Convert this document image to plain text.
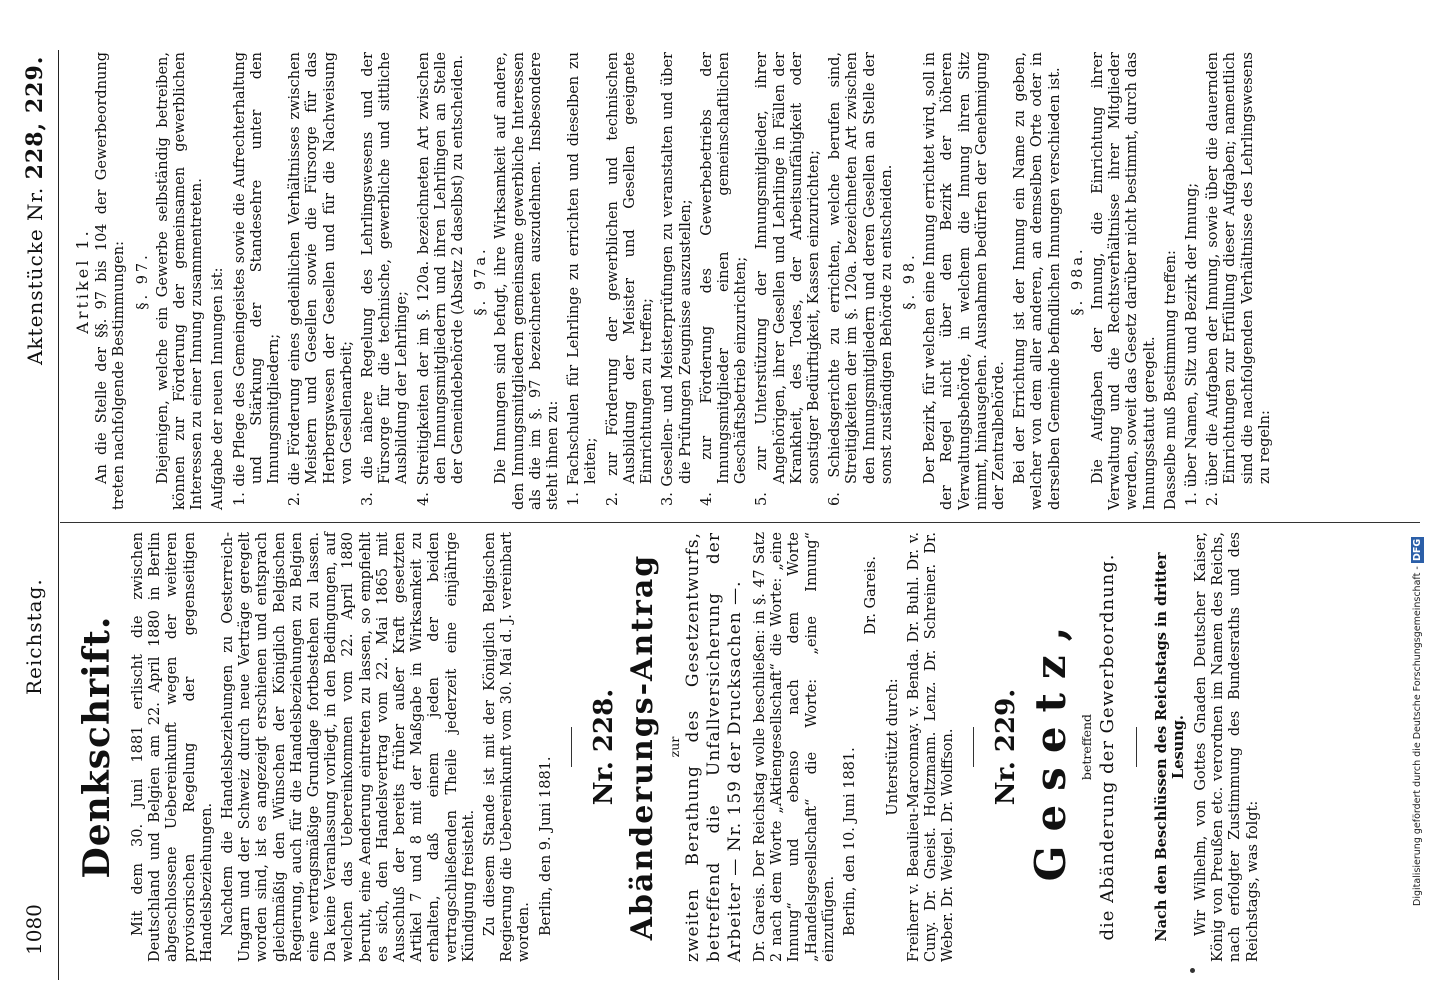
1080
Reichstag.
Aktenstücke Nr. 228, 229.
Denkschrift. Mit dem 30. Juni 1881 erlischt die zwischen Deutschland und Belgien am 22. April 1880 in Berlin abgeschlossene Uebereinkunft wegen der weiteren provisorischen Regelung der gegenseitigen Handelsbeziehungen. Nachdem die Handelsbeziehungen zu Oesterreich-Ungarn und der Schweiz durch neue Verträge geregelt worden sind, ist es angezeigt erschienen und entsprach gleichmäßig den Wünschen der Königlich Belgischen Regierung, auch für die Handelsbeziehungen zu Belgien eine vertragsmäßige Grundlage fortbestehen zu lassen. Da keine Veranlassung vorliegt, in den Bedingungen, auf welchen das Uebereinkommen vom 22. April 1880 beruht, eine Aenderung eintreten zu lassen, so empfiehlt es sich, den Handelsvertrag vom 22. Mai 1865 mit Ausschluß der bereits früher außer Kraft gesetzten Artikel 7 und 8 mit der Maßgabe in Wirksamkeit zu erhalten, daß einem jeden der beiden vertragschließenden Theile jederzeit eine einjährige Kündigung freisteht. Zu diesem Stande ist mit der Königlich Belgischen Regierung die Uebereinkunft vom 30. Mai d. J. vereinbart worden. Berlin, den 9. Juni 1881.

Nr. 228. Abänderungs-Antrag zur zweiten Berathung des Gesetzentwurfs, betreffend die Unfallversicherung der Arbeiter — Nr. 159 der Drucksachen —. Dr. Gareis. Der Reichstag wolle beschließen: in §. 47 Satz 2 nach dem Worte „Aktiengesellschaft“ die Worte: „eine Innung“ und ebenso nach dem Worte „Handelsgesellschaft“ die Worte: „eine Innung“ einzufügen. Berlin, den 10. Juni 1881.

Dr. Gareis.

Unterstützt durch: Freiherr v. Beaulieu-Marconnay. v. Benda. Dr. Buhl. Dr. v. Cuny. Dr. Gneist. Holtzmann. Lenz. Dr. Schreiner. Dr. Weber. Dr. Weigel. Dr. Wolffson. Nr. 229. Gesetz, betreffend die Abänderung der Gewerbeordnung. Nach den Beschlüssen des Reichstags in dritter Lesung. Wir Wilhelm, von Gottes Gnaden Deutscher Kaiser, König von Preußen etc. verordnen im Namen des Reichs, nach erfolgter Zustimmung des Bundesraths und des Reichstags, was folgt:

Artikel 1. An die Stelle der §§. 97 bis 104 der Gewerbeordnung treten nachfolgende Bestimmungen: §. 97. Diejenigen, welche ein Gewerbe selbständig betreiben, können zur Förderung der gemeinsamen gewerblichen Interessen zu einer Innung zusammentreten. Aufgabe der neuen Innungen ist: 1. die Pflege des Gemeingeistes sowie die Aufrechterhaltung und Stärkung der Standesehre unter den Innungsmitgliedern; 2. die Förderung eines gedeihlichen Verhältnisses zwischen Meistern und Gesellen sowie die Fürsorge für das Herbergswesen der Gesellen und für die Nachweisung von Gesellenarbeit; 3. die nähere Regelung des Lehrlingswesens und der Fürsorge für die technische, gewerbliche und sittliche Ausbildung der Lehrlinge; 4. Streitigkeiten der im §. 120a. bezeichneten Art zwischen den Innungsmitgliedern und ihren Lehrlingen an Stelle der Gemeindebehörde (Absatz 2 daselbst) zu entscheiden. §. 97a. Die Innungen sind befugt, ihre Wirksamkeit auf andere, den Innungsmitgliedern gemeinsame gewerbliche Interessen als die im §. 97 bezeichneten auszudehnen. Insbesondere steht ihnen zu: 1. Fachschulen für Lehrlinge zu errichten und dieselben zu leiten; 2. zur Förderung der gewerblichen und technischen Ausbildung der Meister und Gesellen geeignete Einrichtungen zu treffen; 3. Gesellen- und Meisterprüfungen zu veranstalten und über die Prüfungen Zeugnisse auszustellen; 4. zur Förderung des Gewerbebetriebs der Innungsmitglieder einen gemeinschaftlichen Geschäftsbetrieb einzurichten; 5. zur Unterstützung der Innungsmitglieder, ihrer Angehörigen, ihrer Gesellen und Lehrlinge in Fällen der Krankheit, des Todes, der Arbeitsunfähigkeit oder sonstiger Bedürftigkeit, Kassen einzurichten; 6. Schiedsgerichte zu errichten, welche berufen sind, Streitigkeiten der im §. 120a. bezeichneten Art zwischen den Innungsmitgliedern und deren Gesellen an Stelle der sonst zuständigen Behörde zu entscheiden. §. 98. Der Bezirk, für welchen eine Innung errichtet wird, soll in der Regel nicht über den Bezirk der höheren Verwaltungsbehörde, in welchem die Innung ihren Sitz nimmt, hinausgehen. Ausnahmen bedürfen der Genehmigung der Zentralbehörde. Bei der Errichtung ist der Innung ein Name zu geben, welcher von dem aller anderen, an demselben Orte oder in derselben Gemeinde befindlichen Innungen verschieden ist. §. 98a. Die Aufgaben der Innung, die Einrichtung ihrer Verwaltung und die Rechtsverhältnisse ihrer Mitglieder werden, soweit das Gesetz darüber nicht bestimmt, durch das Innungsstatut geregelt. Dasselbe muß Bestimmung treffen: 1. über Namen, Sitz und Bezirk der Innung; 2. über die Aufgaben der Innung, sowie über die dauernden Einrichtungen zur Erfüllung dieser Aufgaben; namentlich sind die nachfolgenden Verhältnisse des Lehrlingswesens zu regeln:

Digitalisierung gefördert durch die Deutsche Forschungsgemeinschaft - DFG
